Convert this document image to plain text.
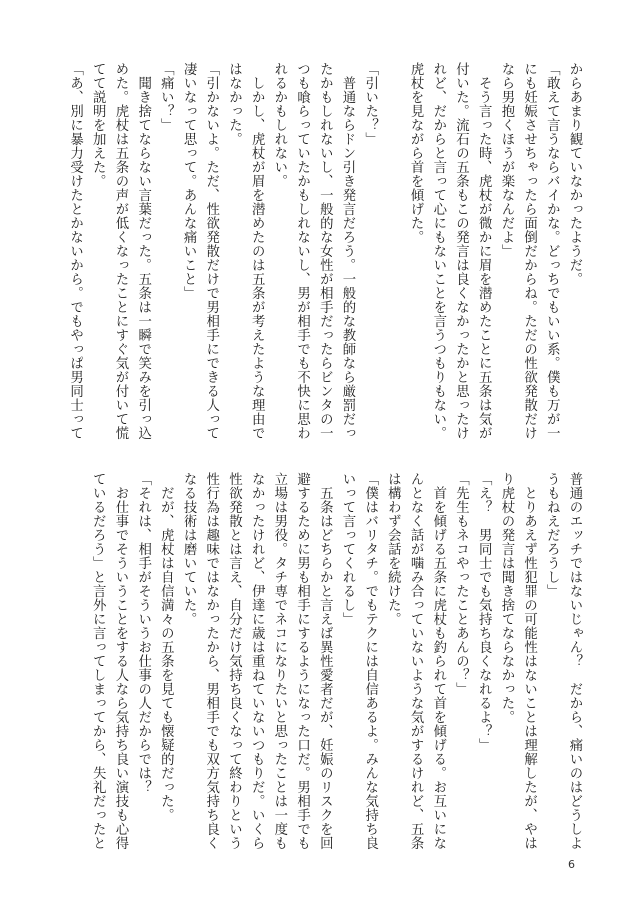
からあまり観ていなかったようだ。
「敢えて言うならバイかな。どっちでもいい系。僕も万が一
にも妊娠させちゃったら面倒だからね。ただの性欲発散だけ
なら男抱くほうが楽なんだよ」
　そう言った時、虎杖が微かに眉を潜めたことに五条は気が
付いた。流石の五条もこの発言は良くなかったかと思ったけ
れど、だからと言って心にもないことを言うつもりもない。
虎杖を見ながら首を傾げた。
「引いた？」
　普通ならドン引き発言だろう。一般的な教師なら厳罰だっ
たかもしれないし、一般的な女性が相手だったらビンタの一
つも喰らっていたかもしれないし、男が相手でも不快に思わ
れるかもしれない。
　しかし、虎杖が眉を潜めたのは五条が考えたような理由で
はなかった。
「引かないよ。ただ、性欲発散だけで男相手にできる人って
凄いなって思って。あんな痛いこと」
「痛い？」
　聞き捨てならない言葉だった。五条は一瞬で笑みを引っ込
めた。虎杖は五条の声が低くなったことにすぐ気が付いて慌
てて説明を加えた。
「あ、別に暴力受けたとかないから。でもやっぱ男同士って
普通のエッチではないじゃん？　だから、痛いのはどうしよ
うもねえだろうし」
　とりあえず性犯罪の可能性はないことは理解したが、やは
り虎杖の発言は聞き捨てならなかった。
「え？　男同士でも気持ち良くなれるよ？」
「先生もネコやったことあんの？」
　首を傾げる五条に虎杖も釣られて首を傾げる。お互いにな
んとなく話が噛み合っていないような気がするけれど、五条
は構わず会話を続けた。
「僕はバリタチ。でもテクには自信あるよ。みんな気持ち良
いって言ってくれるし」
　五条はどちらかと言えば異性愛者だが、妊娠のリスクを回
避するために男も相手にするようになった口だ。男相手でも
立場は男役。タチ専でネコになりたいと思ったことは一度も
なかったけれど、伊達に歳は重ねていないつもりだ。いくら
性欲発散とは言え、自分だけ気持ち良くなって終わりという
性行為は趣味ではなかったから、男相手でも双方気持ち良く
なる技術は磨いていた。
　だが、虎杖は自信満々の五条を見ても懐疑的だった。
「それは、相手がそういうお仕事の人だからでは？
　お仕事でそういうことをする人なら気持ち良い演技も心得
ているだろう」と言外に言ってしまってから、失礼だったと
6
